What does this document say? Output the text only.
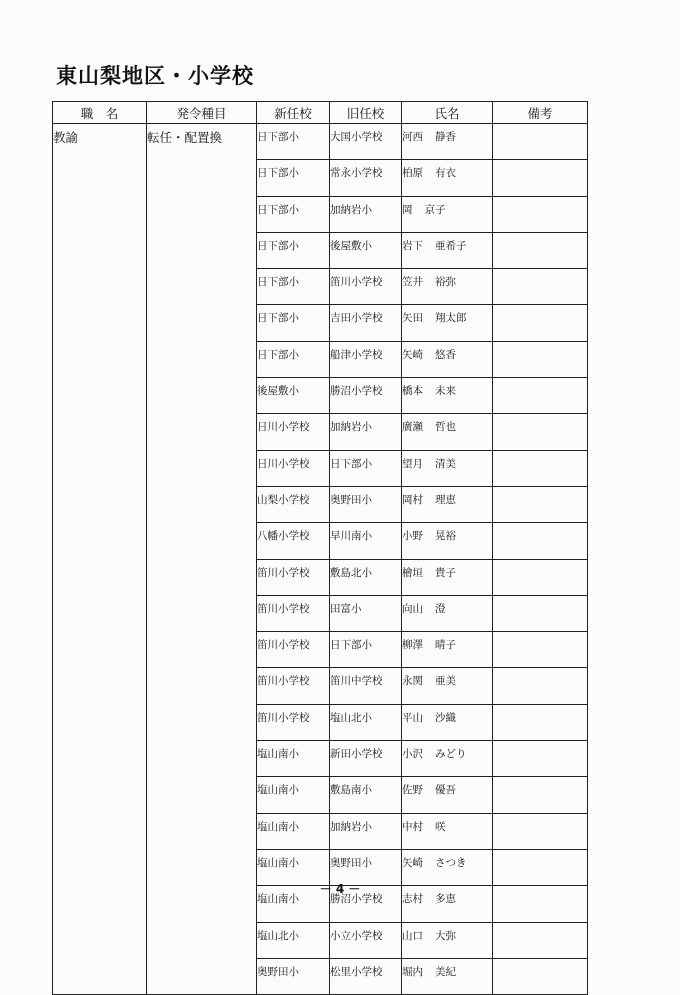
東山梨地区・小学校
職　名	発令種目	新任校	旧任校	氏名	備考
教諭	転任・配置換	日下部小	大国小学校	河西 静香	
		日下部小	常永小学校	柏原 有衣	
		日下部小	加納岩小	岡 京子	
		日下部小	後屋敷小	岩下 亜希子	
		日下部小	笛川小学校	笠井 裕弥	
		日下部小	吉田小学校	矢田 翔太郎	
		日下部小	船津小学校	矢崎 悠香	
		後屋敷小	勝沼小学校	橋本 未来	
		日川小学校	加納岩小	廣瀬 哲也	
		日川小学校	日下部小	望月 清美	
		山梨小学校	奥野田小	岡村 理恵	
		八幡小学校	早川南小	小野 晃裕	
		笛川小学校	敷島北小	檜垣 貴子	
		笛川小学校	田富小	向山 澄	
		笛川小学校	日下部小	柳澤 晴子	
		笛川小学校	笛川中学校	永関 亜美	
		笛川小学校	塩山北小	平山 沙織	
		塩山南小	新田小学校	小沢 みどり	
		塩山南小	敷島南小	佐野 優吾	
		塩山南小	加納岩小	中村 咲	
		塩山南小	奥野田小	矢崎 さつき	
		塩山南小	勝沼小学校	志村 多恵	
		塩山北小	小立小学校	山口 大弥	
		奥野田小	松里小学校	堀内 美紀	
－ 4 －
